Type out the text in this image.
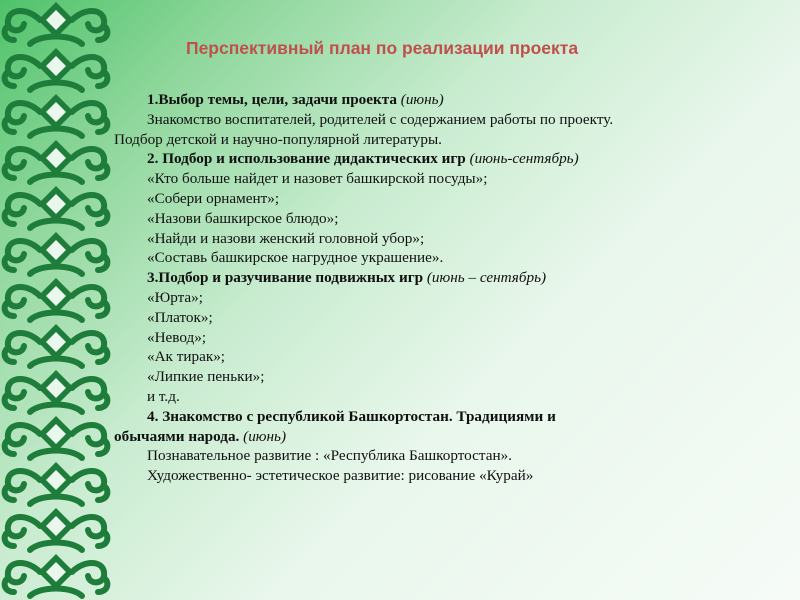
Перспективный план по реализации проекта
1.Выбор темы, цели, задачи проекта (июнь)
Знакомство воспитателей, родителей с содержанием работы по проекту.
Подбор детской и научно-популярной литературы.
2. Подбор и использование дидактических игр (июнь-сентябрь)
«Кто больше найдет и назовет башкирской посуды»;
«Собери орнамент»;
«Назови башкирское блюдо»;
«Найди и назови женский головной убор»;
«Составь башкирское нагрудное украшение».
3.Подбор и разучивание подвижных игр (июнь – сентябрь)
«Юрта»;
«Платок»;
«Невод»;
«Ак тирак»;
«Липкие пеньки»;
и т.д.
4. Знакомство с республикой Башкортостан. Традициями и
обычаями народа. (июнь)
Познавательное развитие : «Республика Башкортостан».
Художественно- эстетическое развитие: рисование «Курай»
